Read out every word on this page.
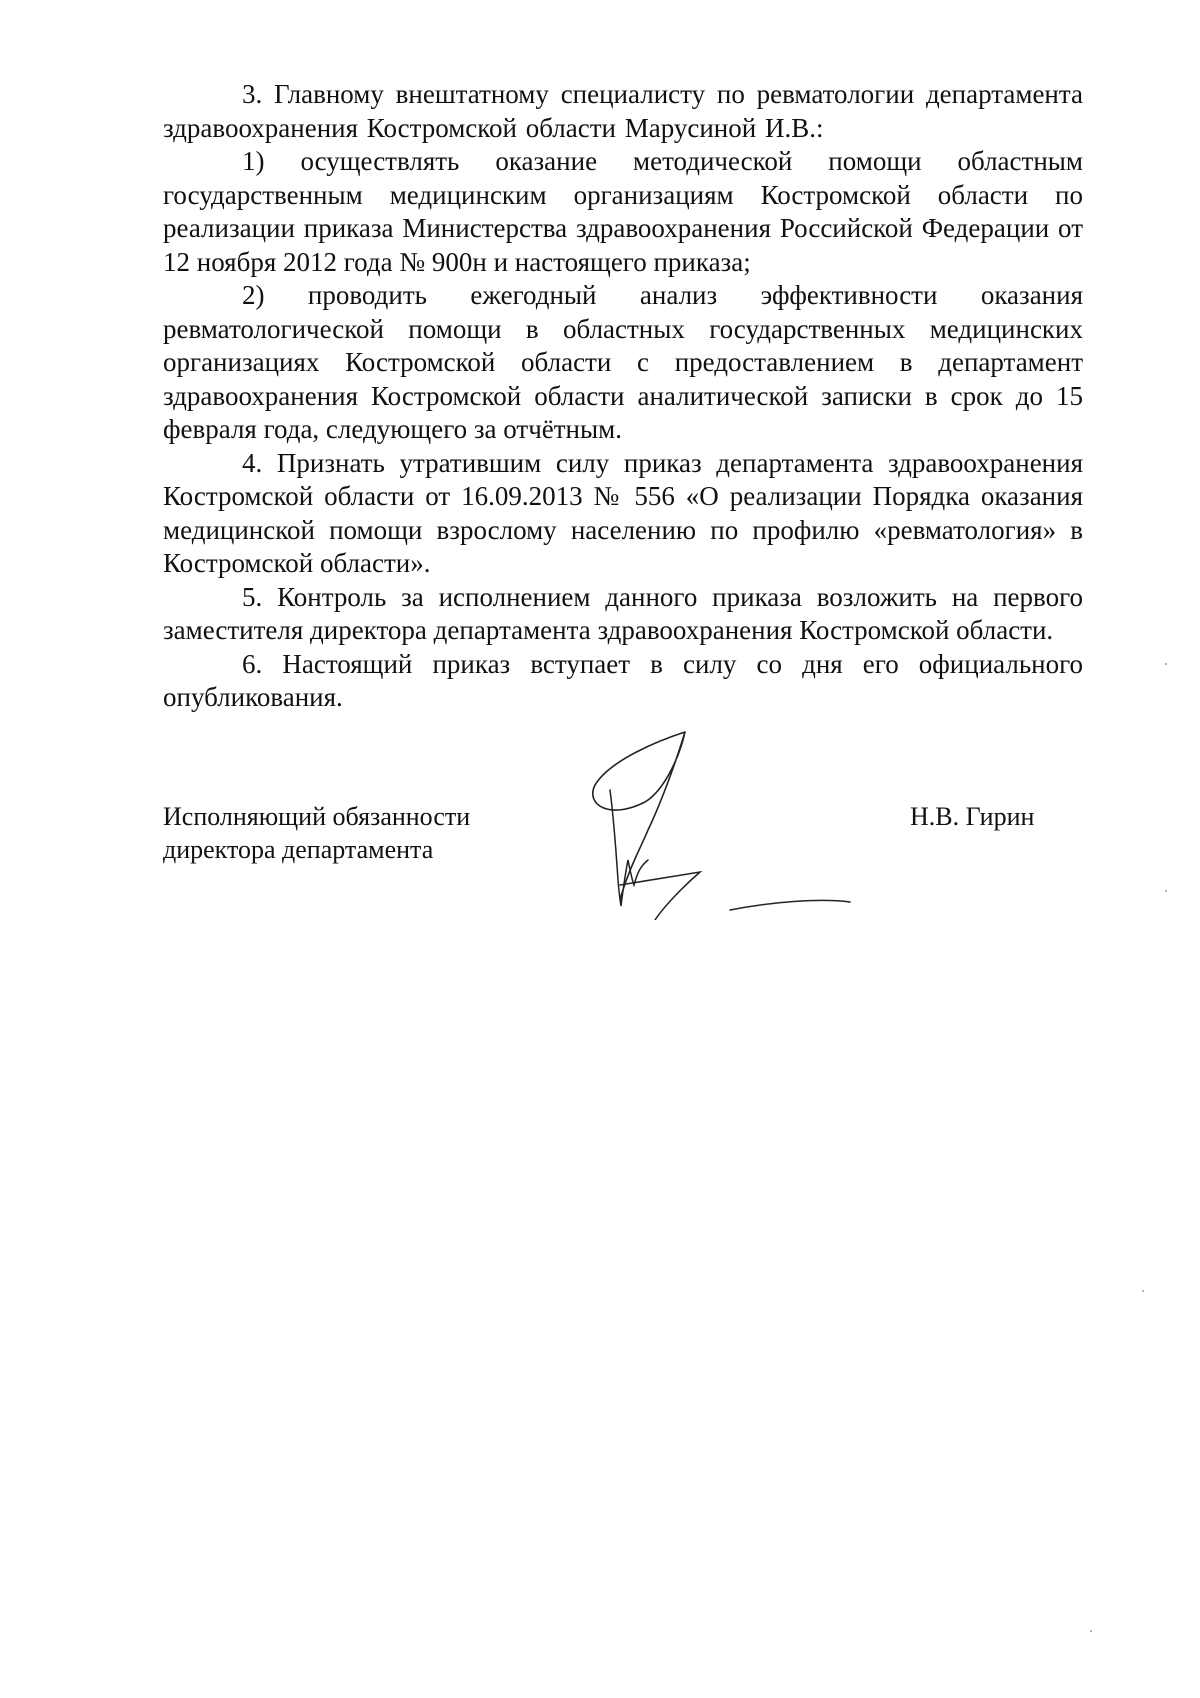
3. Главному внештатному специалисту по ревматологии департамента здравоохранения Костромской области Марусиной И.В.:

1) осуществлять оказание методической помощи областным государственным медицинским организациям Костромской области по реализации приказа Министерства здравоохранения Российской Федерации от 12 ноября 2012 года № 900н и настоящего приказа;

2) проводить ежегодный анализ эффективности оказания ревматологической помощи в областных государственных медицинских организациях Костромской области с предоставлением в департамент здравоохранения Костромской области аналитической записки в срок до 15 февраля года, следующего за отчётным.

4. Признать утратившим силу приказ департамента здравоохранения Костромской области от 16.09.2013 № 556 «О реализации Порядка оказания медицинской помощи взрослому населению по профилю «ревматология» в Костромской области».

5. Контроль за исполнением данного приказа возложить на первого заместителя директора департамента здравоохранения Костромской области.

6. Настоящий приказ вступает в силу со дня его официального опубликования.

Исполняющий обязанности
директора департамента
Н.В. Гирин
